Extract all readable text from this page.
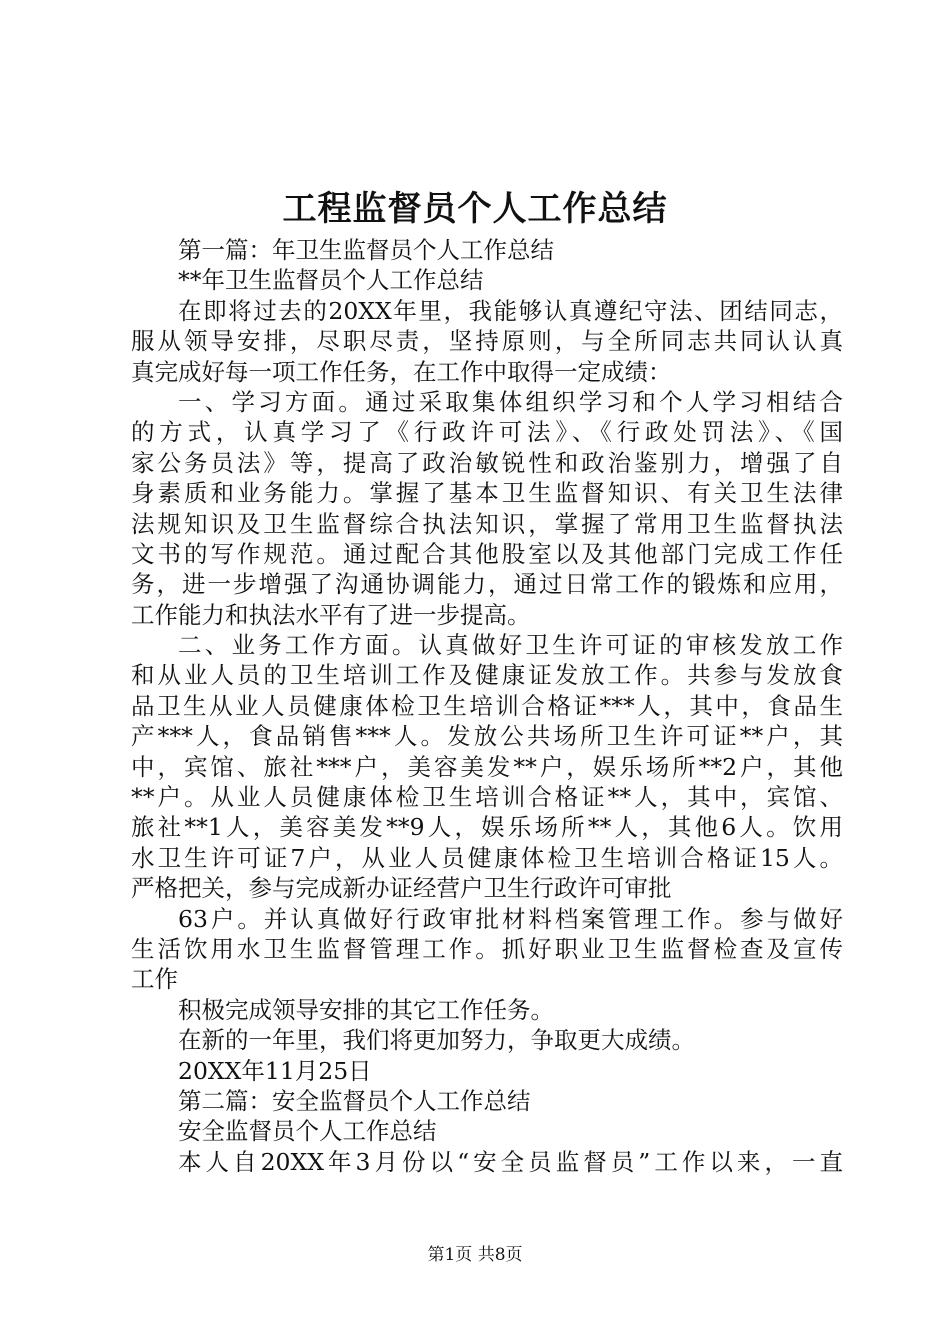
工程监督员个人工作总结
第一篇：年卫生监督员个人工作总结
**年卫生监督员个人工作总结
在即将过去的20XX年里，我能够认真遵纪守法、团结同志，
服从领导安排，尽职尽责，坚持原则，与全所同志共同认认真
真完成好每一项工作任务，在工作中取得一定成绩：
一、学习方面。通过采取集体组织学习和个人学习相结合
的方式，认真学习了《行政许可法》、《行政处罚法》、《国
家公务员法》等，提高了政治敏锐性和政治鉴别力，增强了自
身素质和业务能力。掌握了基本卫生监督知识、有关卫生法律
法规知识及卫生监督综合执法知识，掌握了常用卫生监督执法
文书的写作规范。通过配合其他股室以及其他部门完成工作任
务，进一步增强了沟通协调能力，通过日常工作的锻炼和应用，
工作能力和执法水平有了进一步提高。
二、业务工作方面。认真做好卫生许可证的审核发放工作
和从业人员的卫生培训工作及健康证发放工作。共参与发放食
品卫生从业人员健康体检卫生培训合格证***人，其中，食品生
产***人，食品销售***人。发放公共场所卫生许可证**户，其
中，宾馆、旅社***户，美容美发**户，娱乐场所**2户，其他
**户。从业人员健康体检卫生培训合格证**人，其中，宾馆、
旅社**1人，美容美发**9人，娱乐场所**人，其他6人。饮用
水卫生许可证7户，从业人员健康体检卫生培训合格证15人。
严格把关，参与完成新办证经营户卫生行政许可审批
63户。并认真做好行政审批材料档案管理工作。参与做好
生活饮用水卫生监督管理工作。抓好职业卫生监督检查及宣传
工作
积极完成领导安排的其它工作任务。
在新的一年里，我们将更加努力，争取更大成绩。
20XX年11月25日
第二篇：安全监督员个人工作总结
安全监督员个人工作总结
本人自20XX年3月份以“安全员监督员”工作以来，一直
第1页 共8页
